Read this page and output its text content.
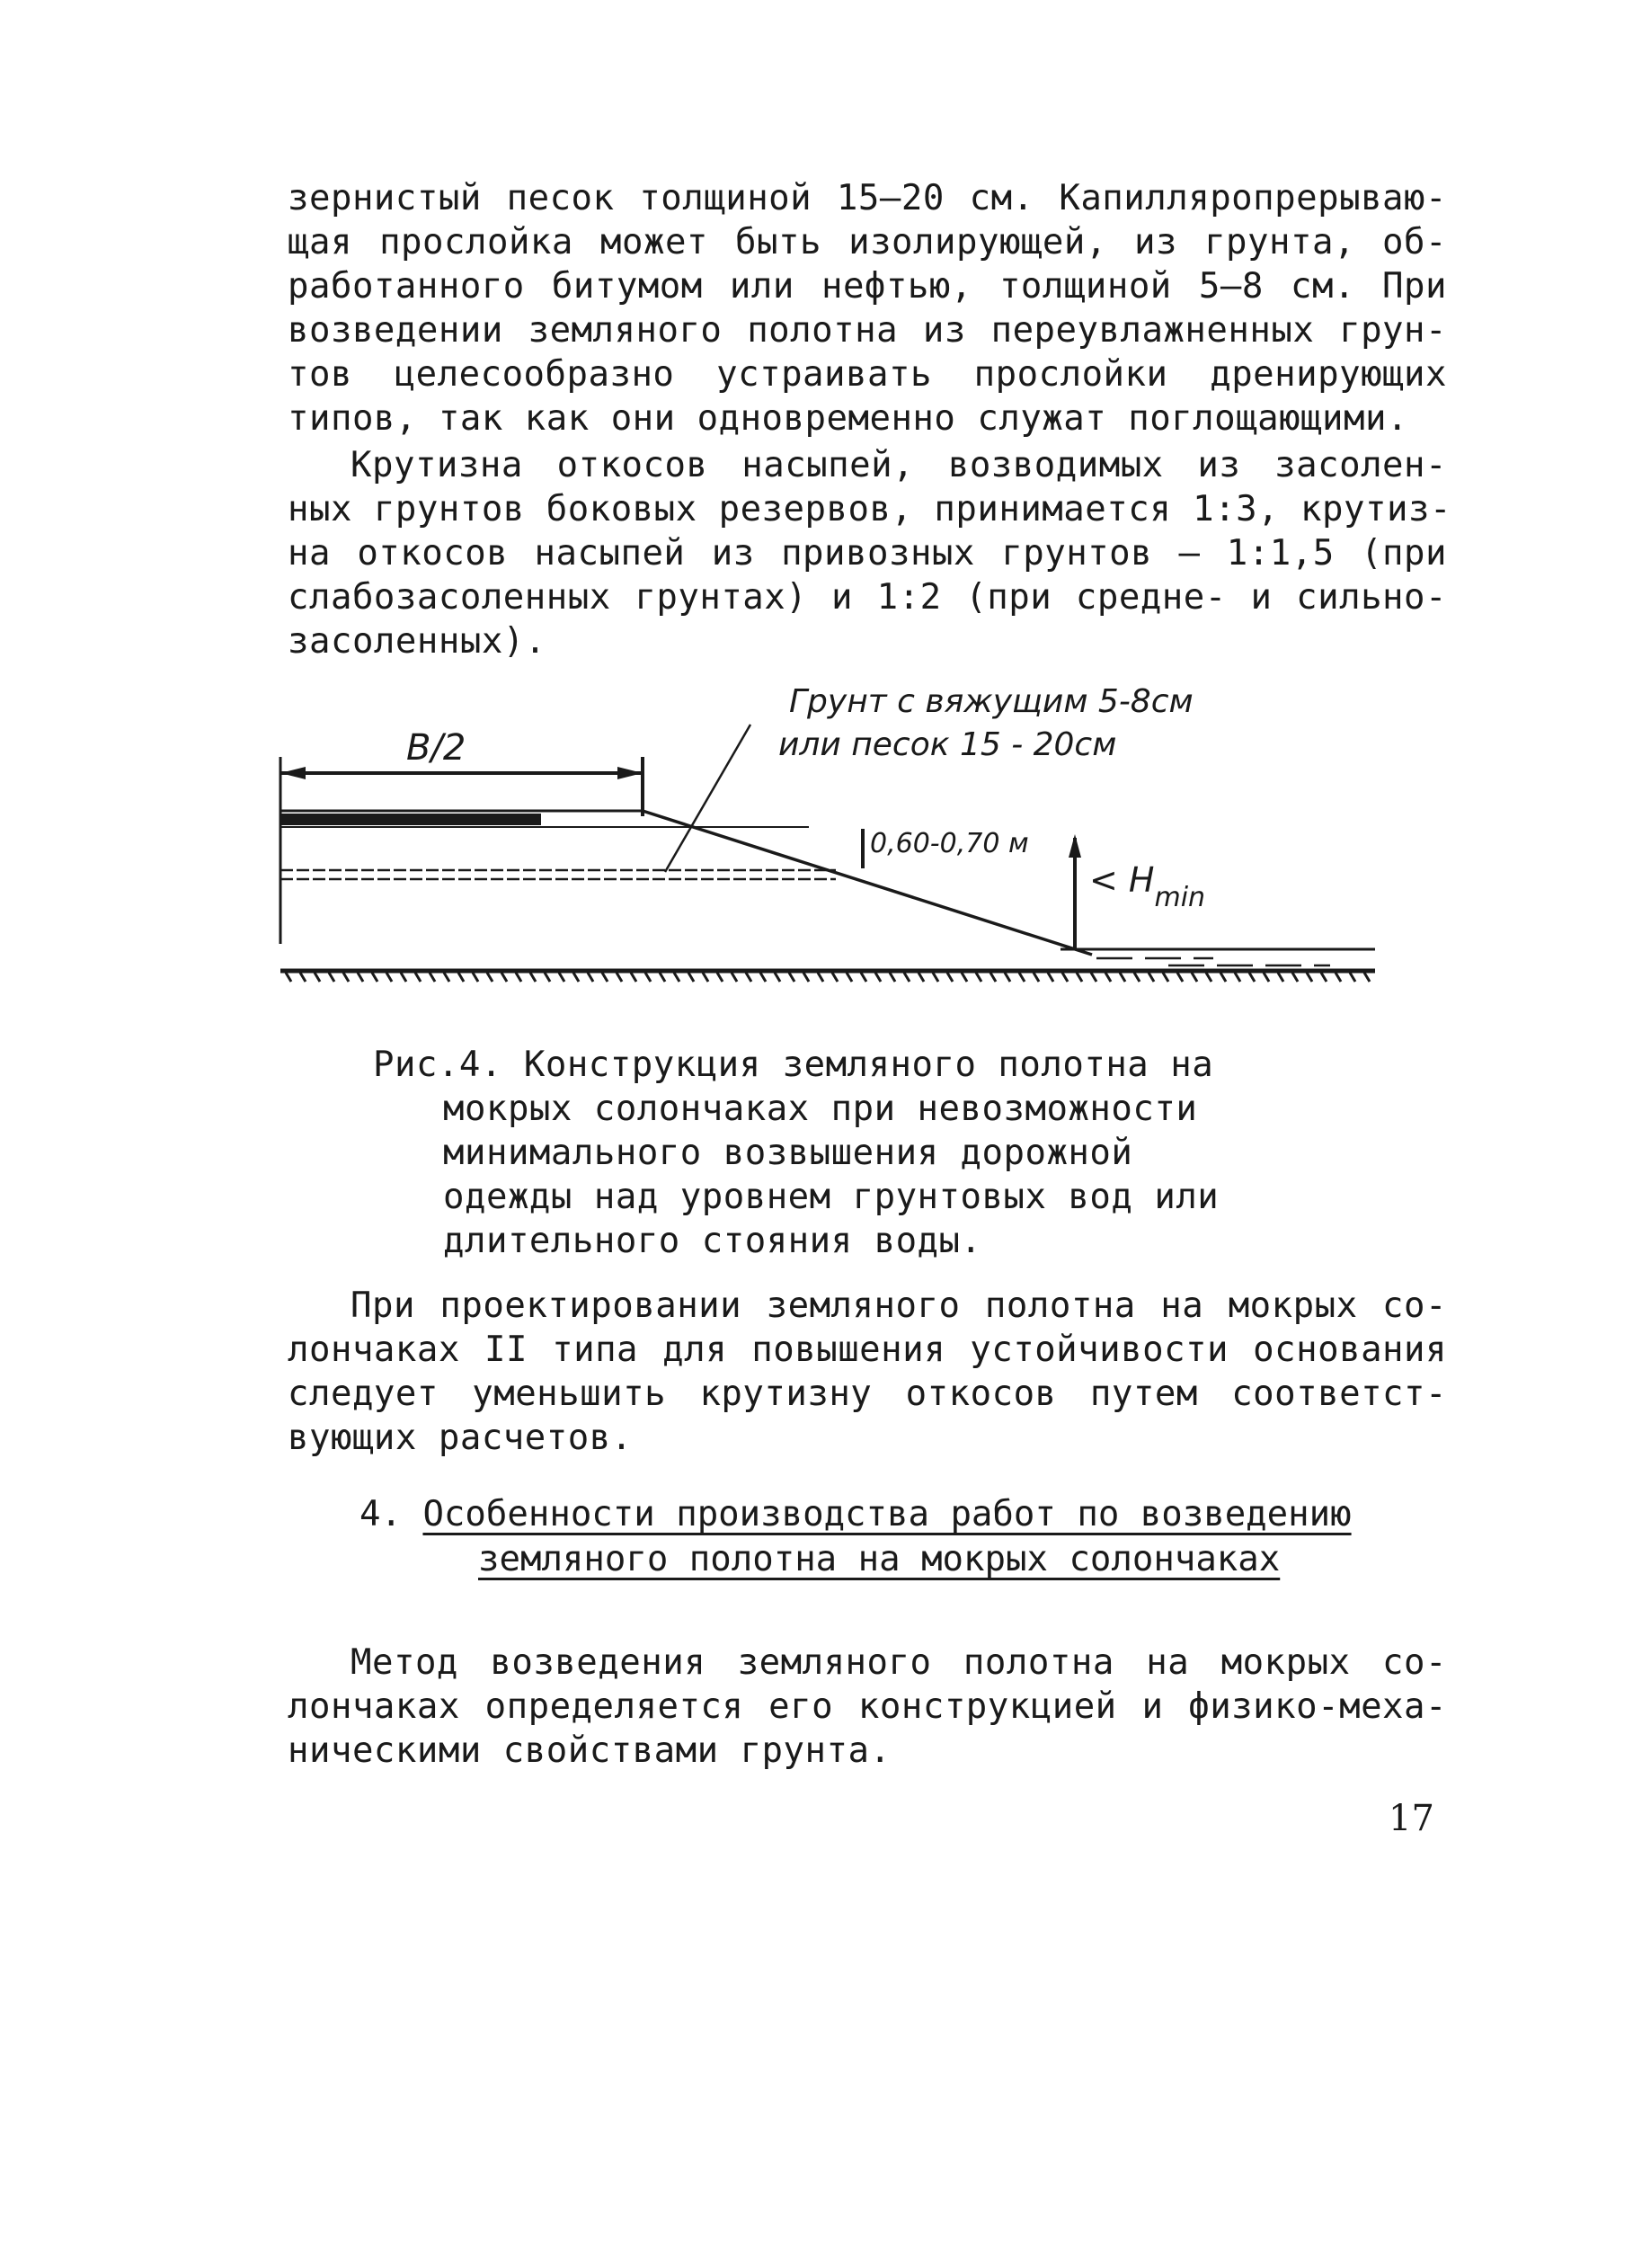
зернистый песок толщиной 15–20 см. Капилляропрерываю-
щая прослойка может быть изолирующей, из грунта, об-
работанного битумом или нефтью, толщиной 5–8 см. При
возведении земляного полотна из переувлажненных грун-
тов целесообразно устраивать прослойки дренирующих
типов, так как они одновременно служат поглощающими.
Крутизна откосов насыпей, возводимых из засолен-
ных грунтов боковых резервов, принимается 1:3, крутиз-
на откосов насыпей из привозных грунтов – 1:1,5 (при
слабозасоленных грунтах) и 1:2 (при средне- и сильно-
засоленных).
B/2
Грунт с вяжущим 5-8см
или песок 15 - 20см
0,60-0,70 м
< $H_{min}$
Рис.4. Конструкция земляного полотна на
мокрых солончаках при невозможности
минимального возвышения дорожной
одежды над уровнем грунтовых вод или
длительного стояния воды.
При проектировании земляного полотна на мокрых со-
лончаках II типа для повышения устойчивости основания
следует уменьшить крутизну откосов путем соответст-
вующих расчетов.
4. Особенности производства работ по возведению
земляного полотна на мокрых солончаках
Метод возведения земляного полотна на мокрых со-
лончаках определяется его конструкцией и физико-меха-
ническими свойствами грунта.
17
